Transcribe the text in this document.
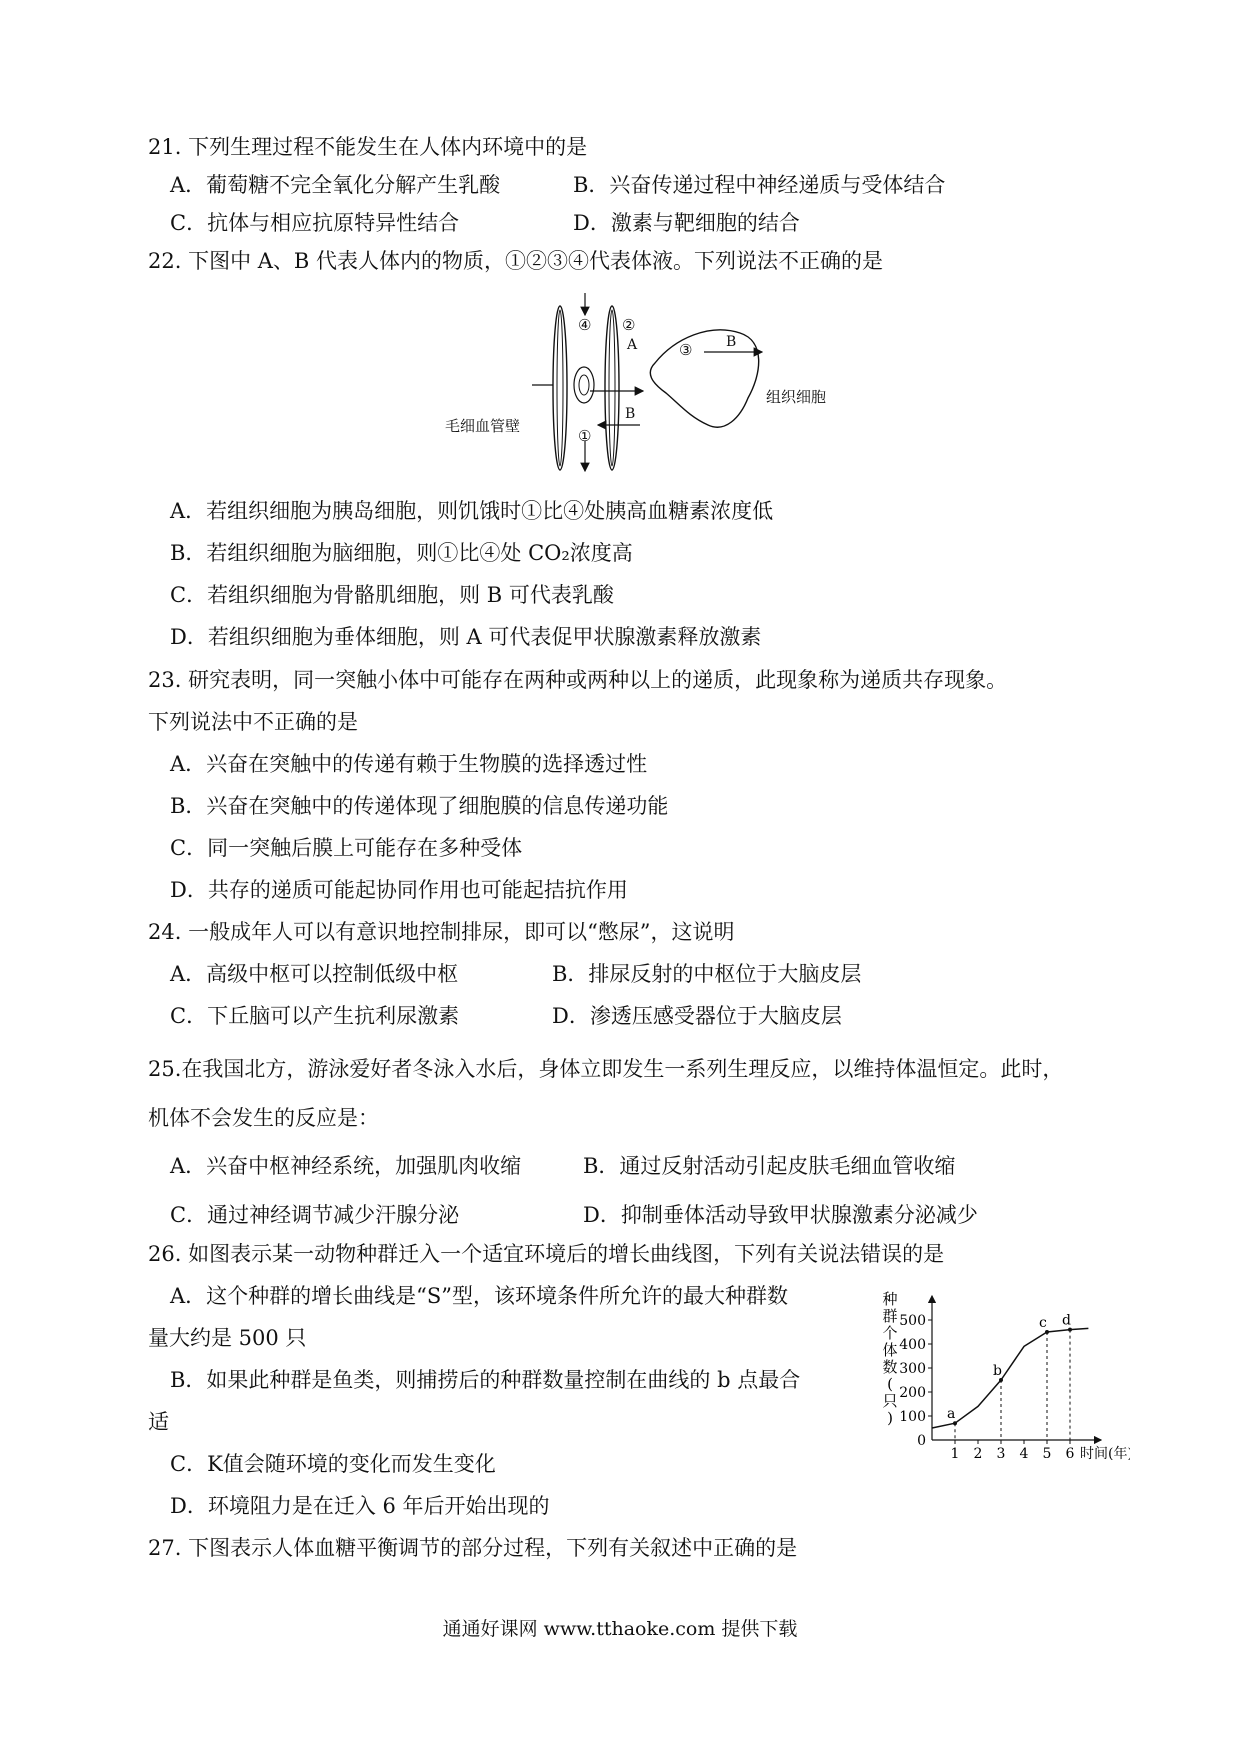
21. 下列生理过程不能发生在人体内环境中的是
A．葡萄糖不完全氧化分解产生乳酸	B．兴奋传递过程中神经递质与受体结合
C．抗体与相应抗原特异性结合	D．激素与靶细胞的结合
22. 下图中 A、B 代表人体内的物质，①②③④代表体液。下列说法不正确的是
④ ②
A	③ B
B
①
毛细血管壁
组织细胞
A．若组织细胞为胰岛细胞，则饥饿时①比④处胰高血糖素浓度低
B．若组织细胞为脑细胞，则①比④处 CO₂浓度高
C．若组织细胞为骨骼肌细胞，则 B 可代表乳酸
D．若组织细胞为垂体细胞，则 A 可代表促甲状腺激素释放激素
23. 研究表明，同一突触小体中可能存在两种或两种以上的递质，此现象称为递质共存现象。
下列说法中不正确的是
A．兴奋在突触中的传递有赖于生物膜的选择透过性
B．兴奋在突触中的传递体现了细胞膜的信息传递功能
C．同一突触后膜上可能存在多种受体
D．共存的递质可能起协同作用也可能起拮抗作用
24. 一般成年人可以有意识地控制排尿，即可以“憋尿”，这说明
A．高级中枢可以控制低级中枢	B．排尿反射的中枢位于大脑皮层
C．下丘脑可以产生抗利尿激素	D．渗透压感受器位于大脑皮层
25.在我国北方，游泳爱好者冬泳入水后，身体立即发生一系列生理反应，以维持体温恒定。此时，
机体不会发生的反应是：
A．兴奋中枢神经系统，加强肌肉收缩	B．通过反射活动引起皮肤毛细血管收缩
C．通过神经调节减少汗腺分泌	D．抑制垂体活动导致甲状腺激素分泌减少
26. 如图表示某一动物种群迁入一个适宜环境后的增长曲线图，下列有关说法错误的是
A．这个种群的增长曲线是“S”型，该环境条件所允许的最大种群数
量大约是 500 只
B．如果此种群是鱼类，则捕捞后的种群数量控制在曲线的 b 点最合
适
C．K值会随环境的变化而发生变化
D．环境阻力是在迁入 6 年后开始出现的
种群个体数(只)
0
100
200
300
400
500
1 2 3 4 5 6 时间(年)
a
b
c d
27. 下图表示人体血糖平衡调节的部分过程，下列有关叙述中正确的是
通通好课网 www.tthaoke.com 提供下载
